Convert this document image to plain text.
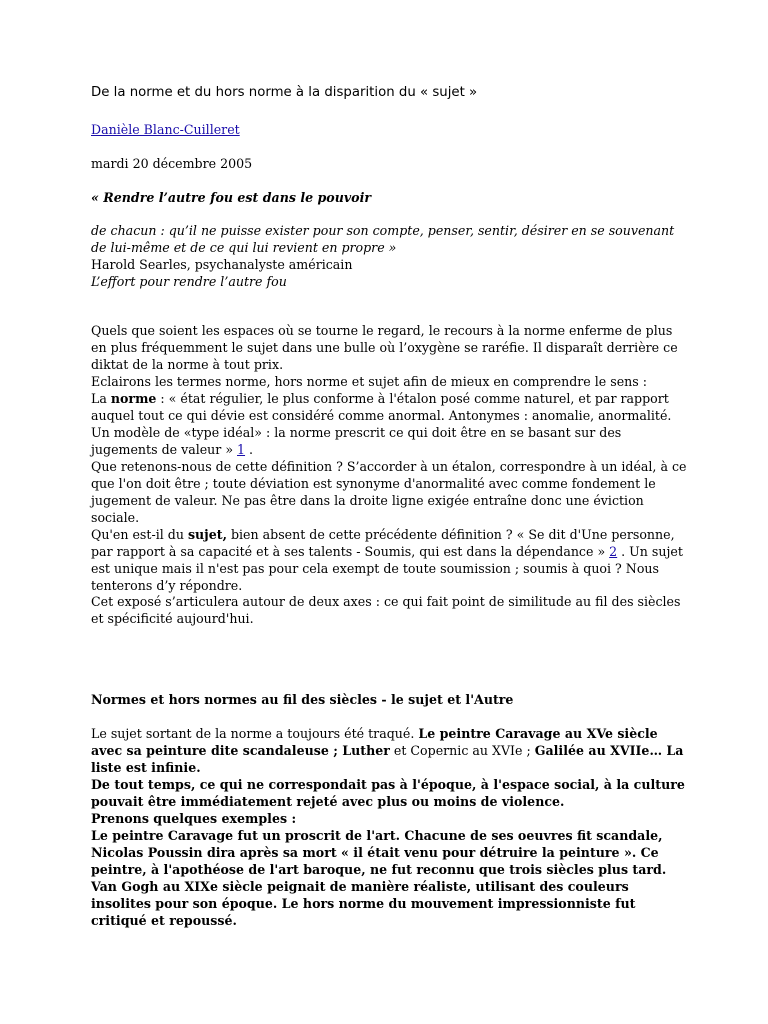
De la norme et du hors norme à la disparition du « sujet »

Danièle Blanc-Cuilleret

mardi 20 décembre 2005

« Rendre l’autre fou est dans le pouvoir

de chacun : qu’il ne puisse exister pour son compte, penser, sentir, désirer en se souvenant de lui-même et de ce qui lui revient en propre »

Harold Searles, psychanalyste américain

L’effort pour rendre l’autre fou

Quels que soient les espaces où se tourne le regard, le recours à la norme enferme de plus en plus fréquemment le sujet dans une bulle où l’oxygène se raréfie. Il disparaît derrière ce diktat de la norme à tout prix.

Eclairons les termes norme, hors norme et sujet afin de mieux en comprendre le sens :

La norme : « état régulier, le plus conforme à l'étalon posé comme naturel, et par rapport auquel tout ce qui dévie est considéré comme anormal. Antonymes : anomalie, anormalité. Un modèle de «type idéal» : la norme prescrit ce qui doit être en se basant sur des jugements de valeur » 1 .

Que retenons-nous de cette définition ? S’accorder à un étalon, correspondre à un idéal, à ce que l'on doit être ; toute déviation est synonyme d'anormalité avec comme fondement le jugement de valeur. Ne pas être dans la droite ligne exigée entraîne donc une éviction sociale.

Qu'en est-il du sujet, bien absent de cette précédente définition ? « Se dit d'Une personne, par rapport à sa capacité et à ses talents - Soumis, qui est dans la dépendance » 2 . Un sujet est unique mais il n'est pas pour cela exempt de toute soumission ; soumis à quoi ? Nous tenterons d’y répondre.

Cet exposé s’articulera autour de deux axes : ce qui fait point de similitude au fil des siècles et spécificité aujourd'hui.

Normes et hors normes au fil des siècles - le sujet et l'Autre

Le sujet sortant de la norme a toujours été traqué. Le peintre Caravage au XVe siècle avec sa peinture dite scandaleuse ; Luther et Copernic au XVIe ; Galilée au XVIIe… La liste est infinie.

De tout temps, ce qui ne correspondait pas à l'époque, à l'espace social, à la culture pouvait être immédiatement rejeté avec plus ou moins de violence.

Prenons quelques exemples :

Le peintre Caravage fut un proscrit de l'art. Chacune de ses oeuvres fit scandale, Nicolas Poussin dira après sa mort « il était venu pour détruire la peinture ». Ce peintre, à l'apothéose de l'art baroque, ne fut reconnu que trois siècles plus tard.

Van Gogh au XIXe siècle peignait de manière réaliste, utilisant des couleurs insolites pour son époque. Le hors norme du mouvement impressionniste fut critiqué et repoussé.
